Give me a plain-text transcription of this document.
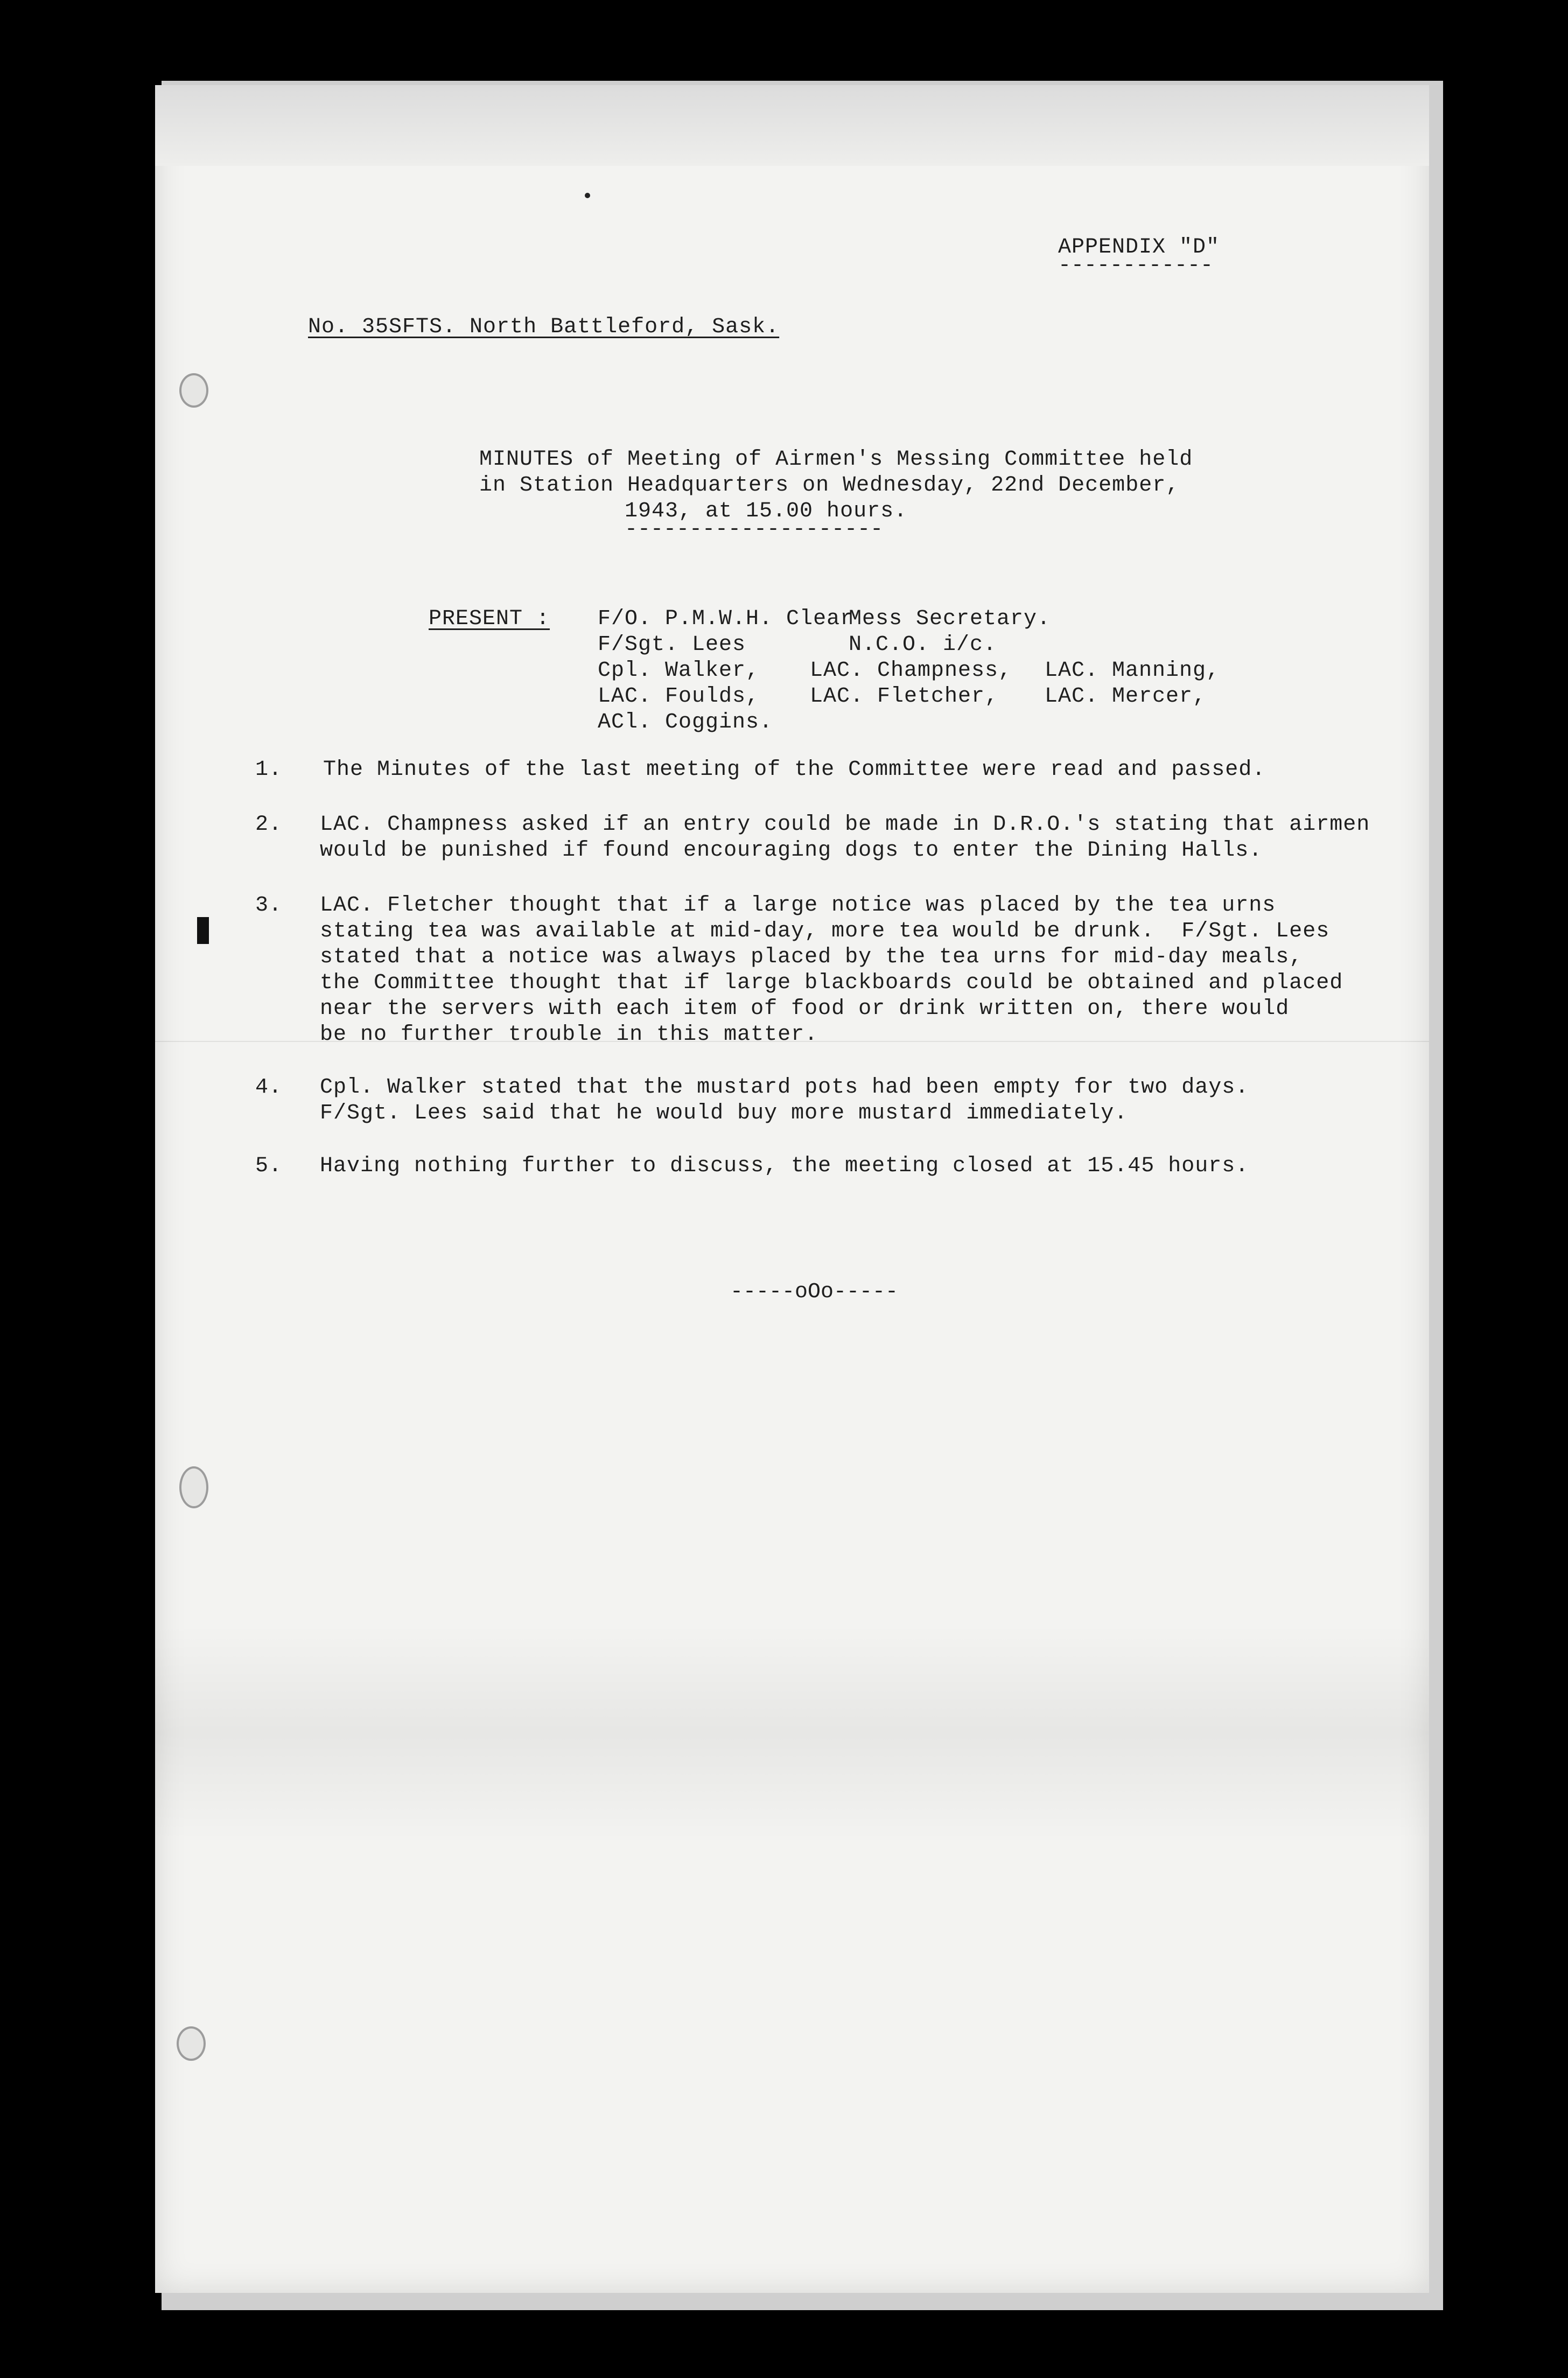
APPENDIX "D"
------------
No. 35SFTS. North Battleford, Sask.
MINUTES of Meeting of Airmen's Messing Committee held
in Station Headquarters on Wednesday, 22nd December,
1943, at 15.00 hours.
--------------------
PRESENT : F/O. P.M.W.H. Clear
Mess Secretary.
F/Sgt. Lees	N.C.O. i/c.
Cpl. Walker, LAC. Champness, LAC. Manning,
LAC. Foulds, LAC. Fletcher, LAC. Mercer,
ACl. Coggins.
1. The Minutes of the last meeting of the Committee were read and passed.
2. LAC. Champness asked if an entry could be made in D.R.O.'s stating that airmen
would be punished if found encouraging dogs to enter the Dining Halls.
3. LAC. Fletcher thought that if a large notice was placed by the tea urns
stating tea was available at mid-day, more tea would be drunk.  F/Sgt. Lees
stated that a notice was always placed by the tea urns for mid-day meals,
the Committee thought that if large blackboards could be obtained and placed
near the servers with each item of food or drink written on, there would
be no further trouble in this matter.
4. Cpl. Walker stated that the mustard pots had been empty for two days.
F/Sgt. Lees said that he would buy more mustard immediately.
5. Having nothing further to discuss, the meeting closed at 15.45 hours.
-----oOo-----
